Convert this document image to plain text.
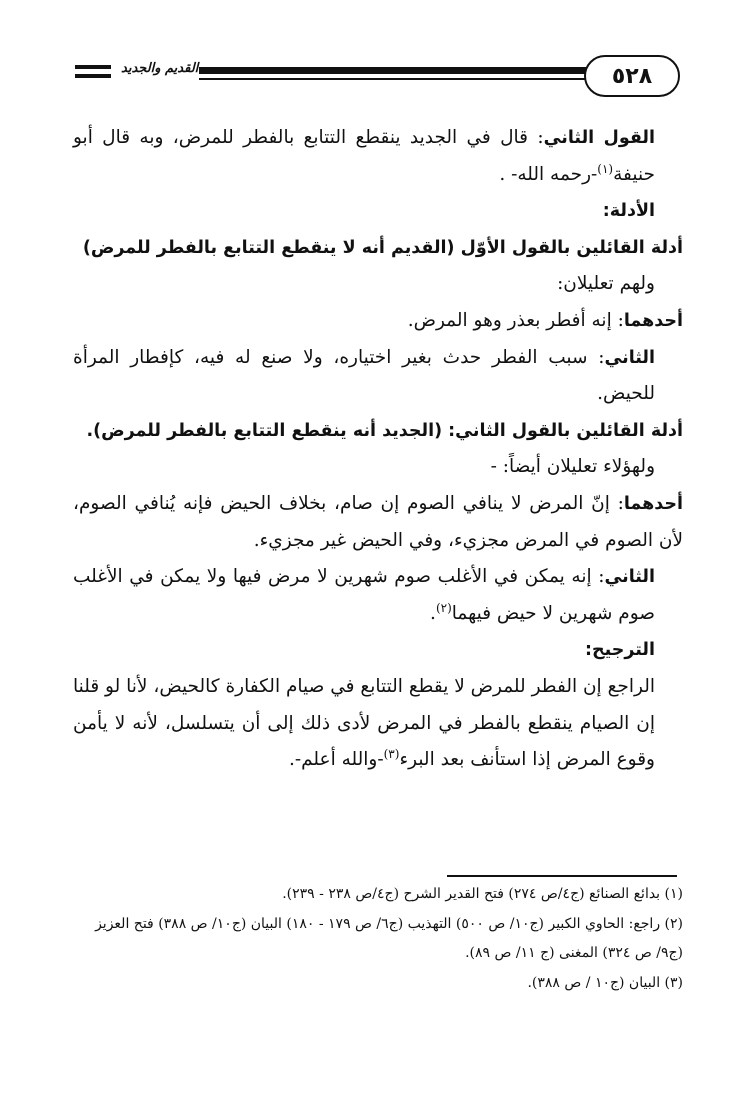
٥٢٨
القديم والجديد

القول الثاني: قال في الجديد ينقطع التتابع بالفطر للمرض، وبه قال أبو حنيفة$^{(١)}$-رحمه الله- .

الأدلة:

أدلة القائلين بالقول الأوّل (القديم أنه لا ينقطع التتابع بالفطر للمرض)

ولهم تعليلان:

أحدهما: إنه أفطر بعذر وهو المرض.

الثاني: سبب الفطر حدث بغير اختياره، ولا صنع له فيه، كإفطار المرأة للحيض.

أدلة القائلين بالقول الثاني: (الجديد أنه ينقطع التتابع بالفطر للمرض).

ولهؤلاء تعليلان أيضاً: -

أحدهما: إنّ المرض لا ينافي الصوم إن صام، بخلاف الحيض فإنه يُنافي الصوم، لأن الصوم في المرض مجزيء، وفي الحيض غير مجزيء.

الثاني: إنه يمكن في الأغلب صوم شهرين لا مرض فيها ولا يمكن في الأغلب صوم شهرين لا حيض فيهما$^{(٢)}$.

الترجيح:

الراجع إن الفطر للمرض لا يقطع التتابع في صيام الكفارة كالحيض، لأنا لو قلنا إن الصيام ينقطع بالفطر في المرض لأدى ذلك إلى أن يتسلسل، لأنه لا يأمن وقوع المرض إذا استأنف بعد البرء$^{(٣)}$-والله أعلم-.

(١) بدائع الصنائع (ج٤/ص ٢٧٤) فتح القدير الشرح (ج٤/ص ٢٣٨ - ٢٣٩).

(٢) راجع: الحاوي الكبير (ج١٠/ ص ٥٠٠) التهذيب (ج٦/ ص ١٧٩ - ١٨٠) البيان (ج١٠/ ص ٣٨٨) فتح العزيز (ج٩/ ص ٣٢٤) المغنى (ج ١١/ ص ٨٩).

(٣) البيان (ج١٠ / ص ٣٨٨).
